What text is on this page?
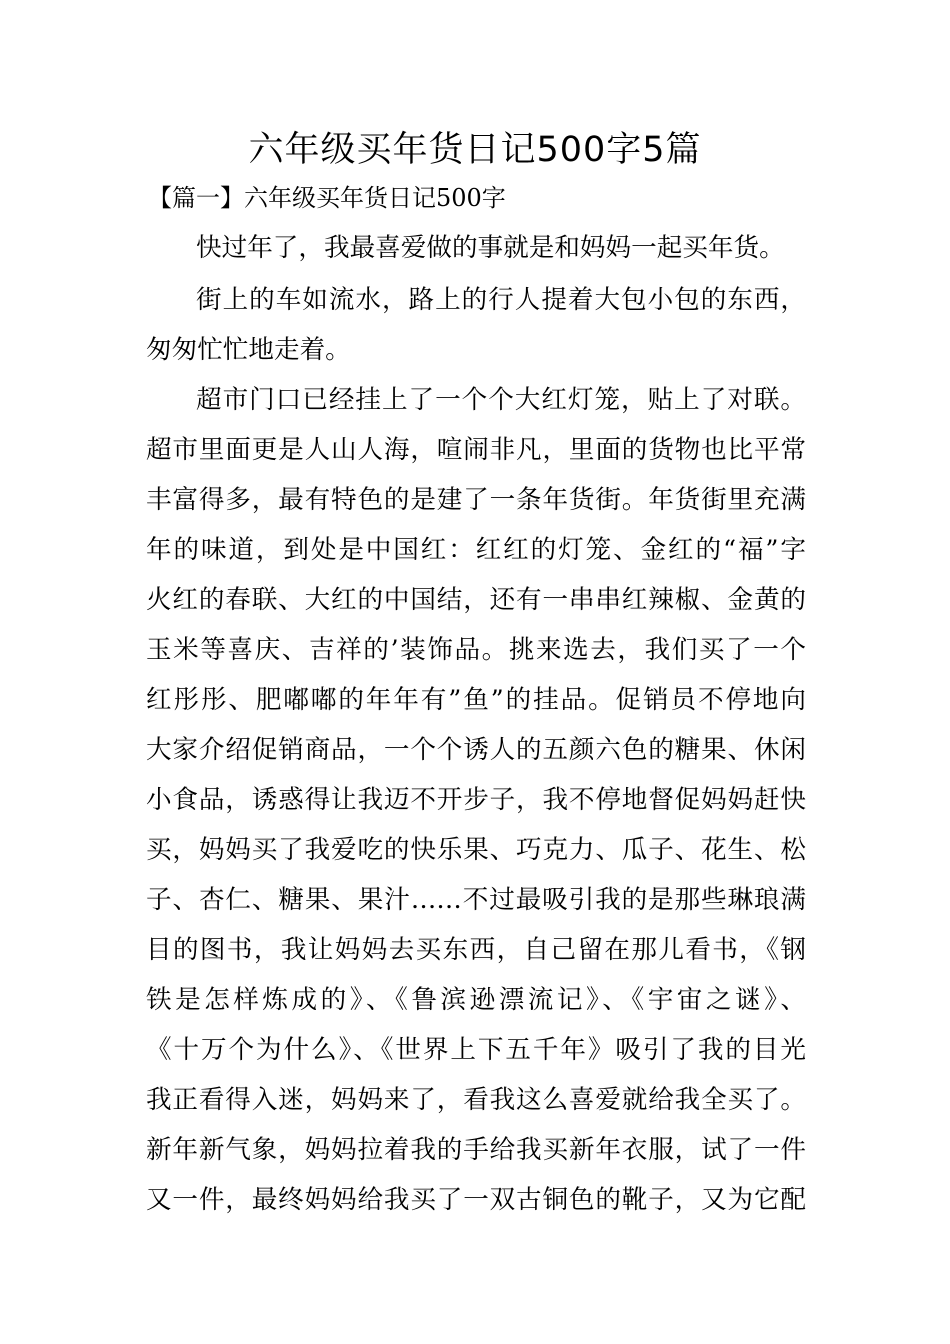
六年级买年货日记500字5篇
【篇一】六年级买年货日记500字
快过年了，我最喜爱做的事就是和妈妈一起买年货。
街上的车如流水，路上的行人提着大包小包的东西，
匆匆忙忙地走着。
超市门口已经挂上了一个个大红灯笼，贴上了对联。
超市里面更是人山人海，喧闹非凡，里面的货物也比平常
丰富得多，最有特色的是建了一条年货街。年货街里充满
年的味道，到处是中国红：红红的灯笼、金红的“福”字
火红的春联、大红的中国结，还有一串串红辣椒、金黄的
玉米等喜庆、吉祥的’装饰品。挑来选去，我们买了一个
红彤彤、肥嘟嘟的年年有”鱼”的挂品。促销员不停地向
大家介绍促销商品，一个个诱人的五颜六色的糖果、休闲
小食品，诱惑得让我迈不开步子，我不停地督促妈妈赶快
买，妈妈买了我爱吃的快乐果、巧克力、瓜子、花生、松
子、杏仁、糖果、果汁……不过最吸引我的是那些琳琅满
目的图书，我让妈妈去买东西，自己留在那儿看书，《钢
铁是怎样炼成的》、《鲁滨逊漂流记》、《宇宙之谜》、
《十万个为什么》、《世界上下五千年》吸引了我的目光
我正看得入迷，妈妈来了，看我这么喜爱就给我全买了。
新年新气象，妈妈拉着我的手给我买新年衣服，试了一件
又一件，最终妈妈给我买了一双古铜色的靴子，又为它配
